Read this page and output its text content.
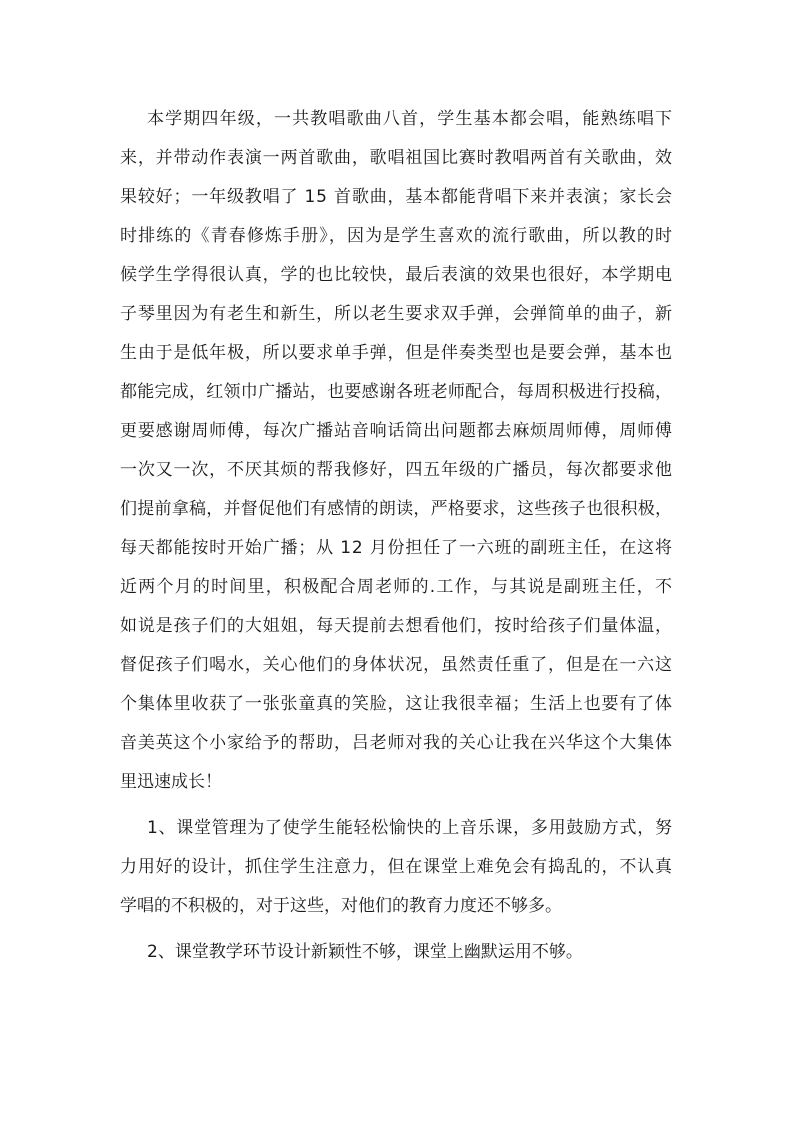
本学期四年级，一共教唱歌曲八首，学生基本都会唱，能熟练唱下
来，并带动作表演一两首歌曲，歌唱祖国比赛时教唱两首有关歌曲，效
果较好；一年级教唱了 15 首歌曲，基本都能背唱下来并表演；家长会
时排练的《青春修炼手册》，因为是学生喜欢的流行歌曲，所以教的时
候学生学得很认真，学的也比较快，最后表演的效果也很好，本学期电
子琴里因为有老生和新生，所以老生要求双手弹，会弹简单的曲子，新
生由于是低年极，所以要求单手弹，但是伴奏类型也是要会弹，基本也
都能完成，红领巾广播站，也要感谢各班老师配合，每周积极进行投稿，
更要感谢周师傅，每次广播站音响话筒出问题都去麻烦周师傅，周师傅
一次又一次，不厌其烦的帮我修好，四五年级的广播员，每次都要求他
们提前拿稿，并督促他们有感情的朗读，严格要求，这些孩子也很积极，
每天都能按时开始广播；从 12 月份担任了一六班的副班主任，在这将
近两个月的时间里，积极配合周老师的.工作，与其说是副班主任，不
如说是孩子们的大姐姐，每天提前去想看他们，按时给孩子们量体温，
督促孩子们喝水，关心他们的身体状况，虽然责任重了，但是在一六这
个集体里收获了一张张童真的笑脸，这让我很幸福；生活上也要有了体
音美英这个小家给予的帮助，吕老师对我的关心让我在兴华这个大集体
里迅速成长！
1、课堂管理为了使学生能轻松愉快的上音乐课，多用鼓励方式，努
力用好的设计，抓住学生注意力，但在课堂上难免会有捣乱的，不认真
学唱的不积极的，对于这些，对他们的教育力度还不够多。
2、课堂教学环节设计新颖性不够，课堂上幽默运用不够。
